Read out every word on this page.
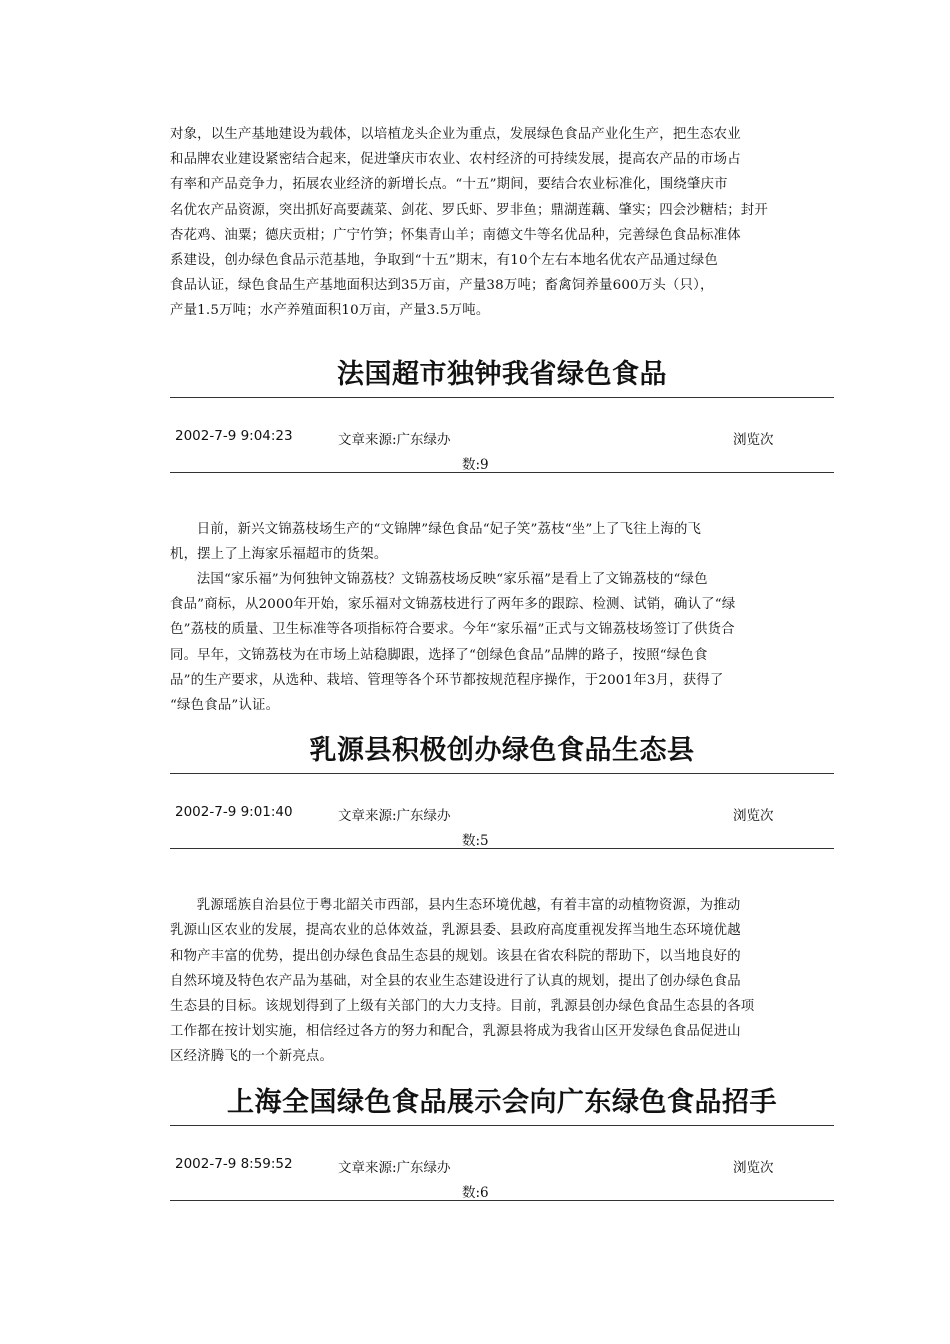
对象，以生产基地建设为载体，以培植龙头企业为重点，发展绿色食品产业化生产，把生态农业
和品牌农业建设紧密结合起来，促进肇庆市农业、农村经济的可持续发展，提高农产品的市场占
有率和产品竞争力，拓展农业经济的新增长点。“十五”期间，要结合农业标准化，围绕肇庆市
名优农产品资源，突出抓好高要蔬菜、剑花、罗氏虾、罗非鱼；鼎湖莲藕、肇实；四会沙糖桔；封开
杏花鸡、油粟；德庆贡柑；广宁竹笋；怀集青山羊；南德文牛等名优品种，完善绿色食品标准体
系建设，创办绿色食品示范基地，争取到“十五”期末，有10个左右本地名优农产品通过绿色
食品认证，绿色食品生产基地面积达到35万亩，产量38万吨；畜禽饲养量600万头（只），
产量1.5万吨；水产养殖面积10万亩，产量3.5万吨。

法国超市独钟我省绿色食品
2002-7-9 9:04:23	文章来源:广东绿办	浏览次
数:9

日前，新兴文锦荔枝场生产的“文锦牌”绿色食品“妃子笑”荔枝“坐”上了飞往上海的飞
机，摆上了上海家乐福超市的货架。

法国“家乐福”为何独钟文锦荔枝？文锦荔枝场反映“家乐福”是看上了文锦荔枝的“绿色
食品”商标，从2000年开始，家乐福对文锦荔枝进行了两年多的跟踪、检测、试销，确认了“绿
色”荔枝的质量、卫生标准等各项指标符合要求。今年“家乐福”正式与文锦荔枝场签订了供货合
同。早年，文锦荔枝为在市场上站稳脚跟，选择了“创绿色食品”品牌的路子，按照“绿色食
品”的生产要求，从选种、栽培、管理等各个环节都按规范程序操作，于2001年3月，获得了
“绿色食品”认证。

乳源县积极创办绿色食品生态县
2002-7-9 9:01:40	文章来源:广东绿办	浏览次
数:5

乳源瑶族自治县位于粤北韶关市西部，县内生态环境优越，有着丰富的动植物资源，为推动
乳源山区农业的发展，提高农业的总体效益，乳源县委、县政府高度重视发挥当地生态环境优越
和物产丰富的优势，提出创办绿色食品生态县的规划。该县在省农科院的帮助下，以当地良好的
自然环境及特色农产品为基础，对全县的农业生态建设进行了认真的规划，提出了创办绿色食品
生态县的目标。该规划得到了上级有关部门的大力支持。目前，乳源县创办绿色食品生态县的各项
工作都在按计划实施，相信经过各方的努力和配合，乳源县将成为我省山区开发绿色食品促进山
区经济腾飞的一个新亮点。

上海全国绿色食品展示会向广东绿色食品招手
2002-7-9 8:59:52	文章来源:广东绿办	浏览次
数:6
